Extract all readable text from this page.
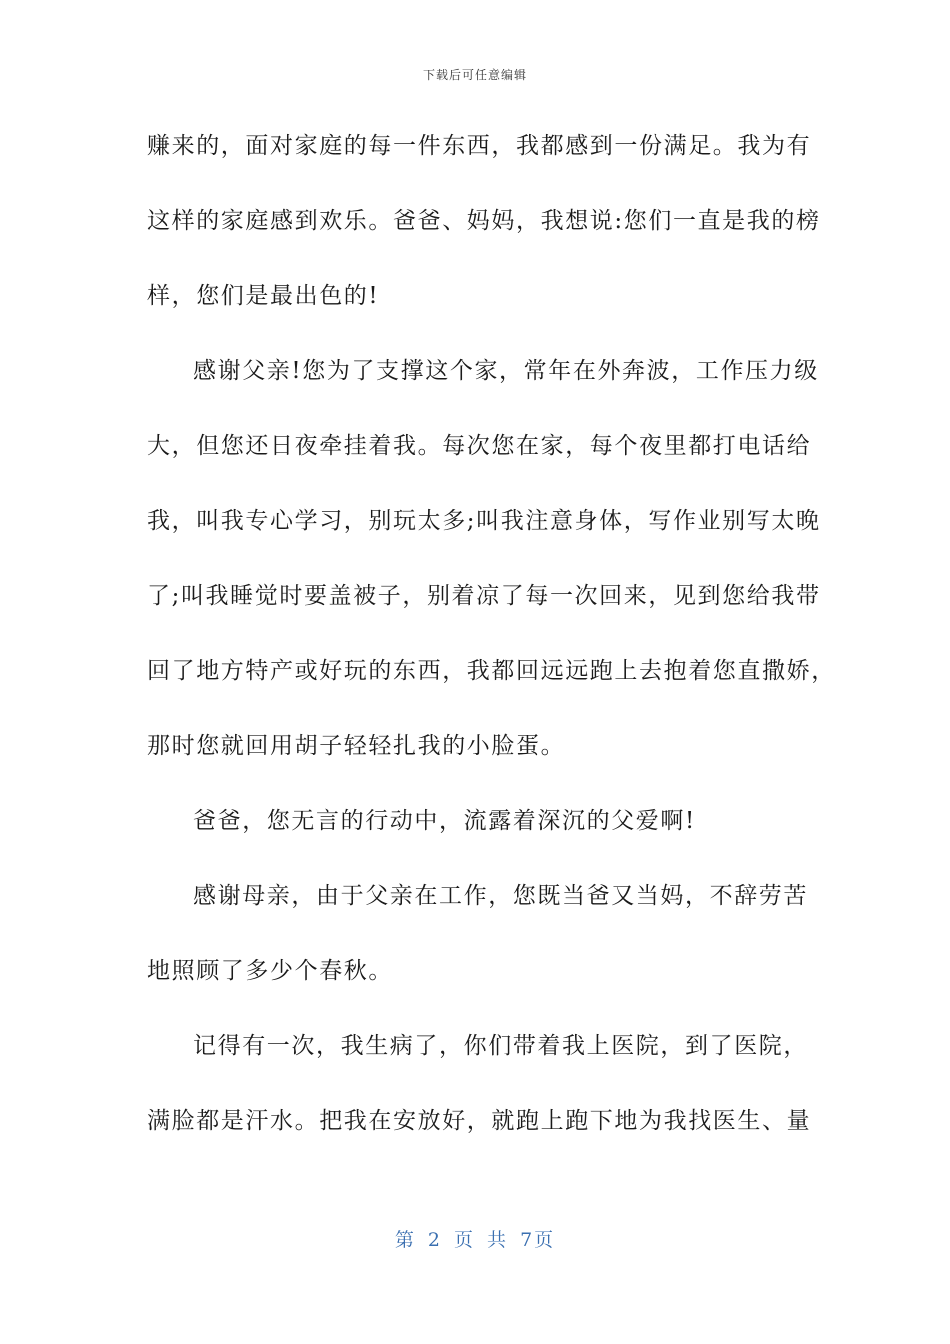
下载后可任意编辑
赚来的，面对家庭的每一件东西，我都感到一份满足。我为有
这样的家庭感到欢乐。爸爸、妈妈，我想说:您们一直是我的榜
样，您们是最出色的!
感谢父亲!您为了支撑这个家，常年在外奔波，工作压力级
大，但您还日夜牵挂着我。每次您在家，每个夜里都打电话给
我，叫我专心学习，别玩太多;叫我注意身体，写作业别写太晚
了;叫我睡觉时要盖被子，别着凉了每一次回来，见到您给我带
回了地方特产或好玩的东西，我都回远远跑上去抱着您直撒娇，
那时您就回用胡子轻轻扎我的小脸蛋。
爸爸，您无言的行动中，流露着深沉的父爱啊!
感谢母亲，由于父亲在工作，您既当爸又当妈，不辞劳苦
地照顾了多少个春秋。
记得有一次，我生病了，你们带着我上医院，到了医院，
满脸都是汗水。把我在安放好，就跑上跑下地为我找医生、量
第 2 页 共 7页
